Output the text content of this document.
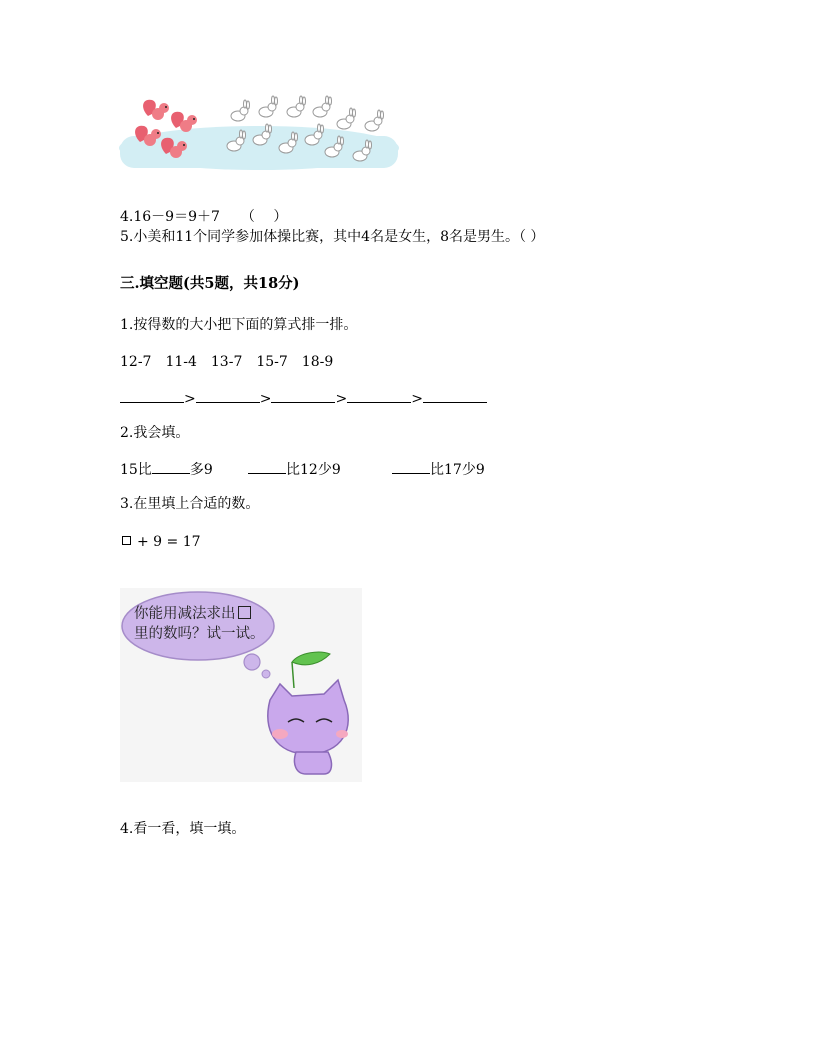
4.16－9＝9＋7　　（　 ）
5.小美和11个同学参加体操比赛，其中4名是女生，8名是男生。（ ）
三.填空题(共5题，共18分)
1.按得数的大小把下面的算式排一排。
12-7　11-4　13-7　15-7　18-9
>	>	>	>
2.我会填。
15比	多9	比12少9	比17少9
3.在里填上合适的数。
+ 9 = 17
你能用减法求出
里的数吗？试一试。
4.看一看，填一填。
